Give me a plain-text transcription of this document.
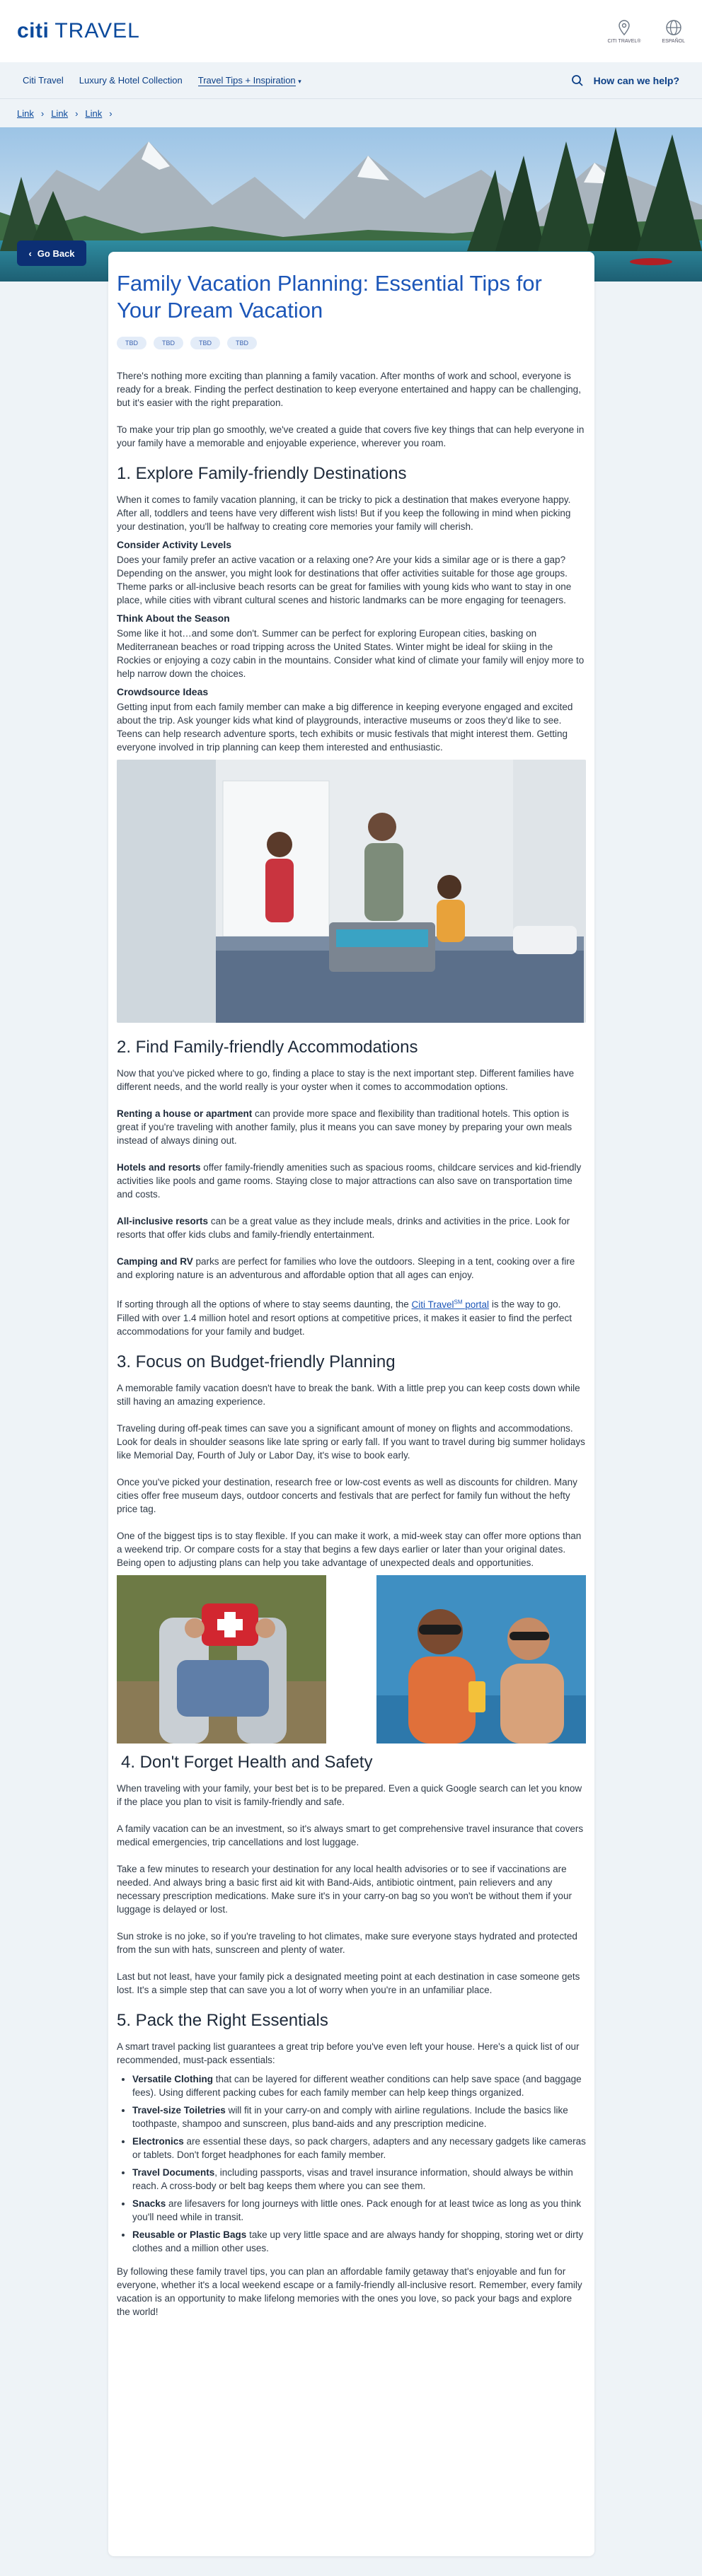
citi TRAVEL	CITI TRAVEL®	ESPAÑOL
Citi Travel Luxury & Hotel Collection Travel Tips + Inspiration ▾	How can we help?
Link › Link › Link ›
‹ Go Back
Family Vacation Planning: Essential Tips for Your Dream Vacation
TBD	TBD	TBD	TBD

There's nothing more exciting than planning a family vacation. After months of work and school, everyone is ready for a break. Finding the perfect destination to keep everyone entertained and happy can be challenging, but it's easier with the right preparation.

To make your trip plan go smoothly, we've created a guide that covers five key things that can help everyone in your family have a memorable and enjoyable experience, wherever you roam.

1. Explore Family-friendly Destinations

When it comes to family vacation planning, it can be tricky to pick a destination that makes everyone happy. After all, toddlers and teens have very different wish lists! But if you keep the following in mind when picking your destination, you'll be halfway to creating core memories your family will cherish.

Consider Activity Levels

Does your family prefer an active vacation or a relaxing one? Are your kids a similar age or is there a gap? Depending on the answer, you might look for destinations that offer activities suitable for those age groups. Theme parks or all-inclusive beach resorts can be great for families with young kids who want to stay in one place, while cities with vibrant cultural scenes and historic landmarks can be more engaging for teenagers.

Think About the Season

Some like it hot…and some don't. Summer can be perfect for exploring European cities, basking on Mediterranean beaches or road tripping across the United States. Winter might be ideal for skiing in the Rockies or enjoying a cozy cabin in the mountains. Consider what kind of climate your family will enjoy more to help narrow down the choices.

Crowdsource Ideas

Getting input from each family member can make a big difference in keeping everyone engaged and excited about the trip. Ask younger kids what kind of playgrounds, interactive museums or zoos they'd like to see. Teens can help research adventure sports, tech exhibits or music festivals that might interest them. Getting everyone involved in trip planning can keep them interested and enthusiastic.

2. Find Family-friendly Accommodations

Now that you've picked where to go, finding a place to stay is the next important step. Different families have different needs, and the world really is your oyster when it comes to accommodation options.

Renting a house or apartment can provide more space and flexibility than traditional hotels. This option is great if you're traveling with another family, plus it means you can save money by preparing your own meals instead of always dining out.

Hotels and resorts offer family-friendly amenities such as spacious rooms, childcare services and kid-friendly activities like pools and game rooms. Staying close to major attractions can also save on transportation time and costs.

All-inclusive resorts can be a great value as they include meals, drinks and activities in the price. Look for resorts that offer kids clubs and family-friendly entertainment.

Camping and RV parks are perfect for families who love the outdoors. Sleeping in a tent, cooking over a fire and exploring nature is an adventurous and affordable option that all ages can enjoy.

If sorting through all the options of where to stay seems daunting, the Citi Travel℠ portal is the way to go. Filled with over 1.4 million hotel and resort options at competitive prices, it makes it easier to find the perfect accommodations for your family and budget.

3. Focus on Budget-friendly Planning

A memorable family vacation doesn't have to break the bank. With a little prep you can keep costs down while still having an amazing experience.

Traveling during off-peak times can save you a significant amount of money on flights and accommodations. Look for deals in shoulder seasons like late spring or early fall. If you want to travel during big summer holidays like Memorial Day, Fourth of July or Labor Day, it's wise to book early.

Once you've picked your destination, research free or low-cost events as well as discounts for children. Many cities offer free museum days, outdoor concerts and festivals that are perfect for family fun without the hefty price tag.

One of the biggest tips is to stay flexible. If you can make it work, a mid-week stay can offer more options than a weekend trip. Or compare costs for a stay that begins a few days earlier or later than your original dates. Being open to adjusting plans can help you take advantage of unexpected deals and opportunities.

4. Don't Forget Health and Safety

When traveling with your family, your best bet is to be prepared. Even a quick Google search can let you know if the place you plan to visit is family-friendly and safe.

A family vacation can be an investment, so it's always smart to get comprehensive travel insurance that covers medical emergencies, trip cancellations and lost luggage.

Take a few minutes to research your destination for any local health advisories or to see if vaccinations are needed. And always bring a basic first aid kit with Band-Aids, antibiotic ointment, pain relievers and any necessary prescription medications. Make sure it's in your carry-on bag so you won't be without them if your luggage is delayed or lost.

Sun stroke is no joke, so if you're traveling to hot climates, make sure everyone stays hydrated and protected from the sun with hats, sunscreen and plenty of water.

Last but not least, have your family pick a designated meeting point at each destination in case someone gets lost. It's a simple step that can save you a lot of worry when you're in an unfamiliar place.

5. Pack the Right Essentials

A smart travel packing list guarantees a great trip before you've even left your house. Here's a quick list of our recommended, must-pack essentials:

• Versatile Clothing that can be layered for different weather conditions can help save space (and baggage fees). Using different packing cubes for each family member can help keep things organized.
• Travel-size Toiletries will fit in your carry-on and comply with airline regulations. Include the basics like toothpaste, shampoo and sunscreen, plus band-aids and any prescription medicine.
• Electronics are essential these days, so pack chargers, adapters and any necessary gadgets like cameras or tablets. Don't forget headphones for each family member.
• Travel Documents, including passports, visas and travel insurance information, should always be within reach. A cross-body or belt bag keeps them where you can see them.
• Snacks are lifesavers for long journeys with little ones. Pack enough for at least twice as long as you think you'll need while in transit.
• Reusable or Plastic Bags take up very little space and are always handy for shopping, storing wet or dirty clothes and a million other uses.

By following these family travel tips, you can plan an affordable family getaway that's enjoyable and fun for everyone, whether it's a local weekend escape or a family-friendly all-inclusive resort. Remember, every family vacation is an opportunity to make lifelong memories with the ones you love, so pack your bags and explore the world!
